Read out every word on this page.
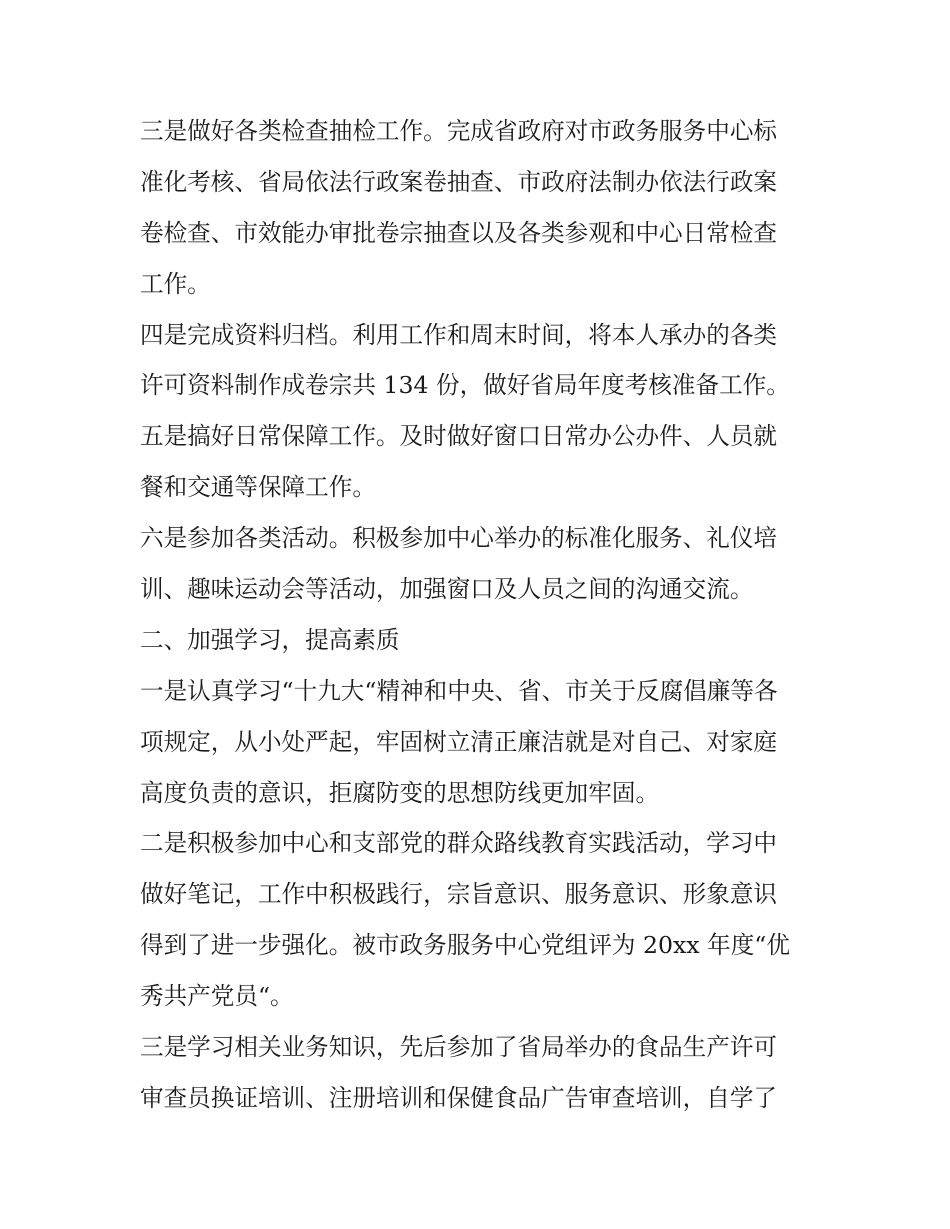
三是做好各类检查抽检工作。完成省政府对市政务服务中心标
准化考核、省局依法行政案卷抽查、市政府法制办依法行政案
卷检查、市效能办审批卷宗抽查以及各类参观和中心日常检查
工作。
四是完成资料归档。利用工作和周末时间，将本人承办的各类
许可资料制作成卷宗共 134 份，做好省局年度考核准备工作。
五是搞好日常保障工作。及时做好窗口日常办公办件、人员就
餐和交通等保障工作。
六是参加各类活动。积极参加中心举办的标准化服务、礼仪培
训、趣味运动会等活动，加强窗口及人员之间的沟通交流。
二、加强学习，提高素质
一是认真学习“十九大“精神和中央、省、市关于反腐倡廉等各
项规定，从小处严起，牢固树立清正廉洁就是对自己、对家庭
高度负责的意识，拒腐防变的思想防线更加牢固。
二是积极参加中心和支部党的群众路线教育实践活动，学习中
做好笔记，工作中积极践行，宗旨意识、服务意识、形象意识
得到了进一步强化。被市政务服务中心党组评为 20xx 年度“优
秀共产党员“。
三是学习相关业务知识，先后参加了省局举办的食品生产许可
审查员换证培训、注册培训和保健食品广告审查培训，自学了
